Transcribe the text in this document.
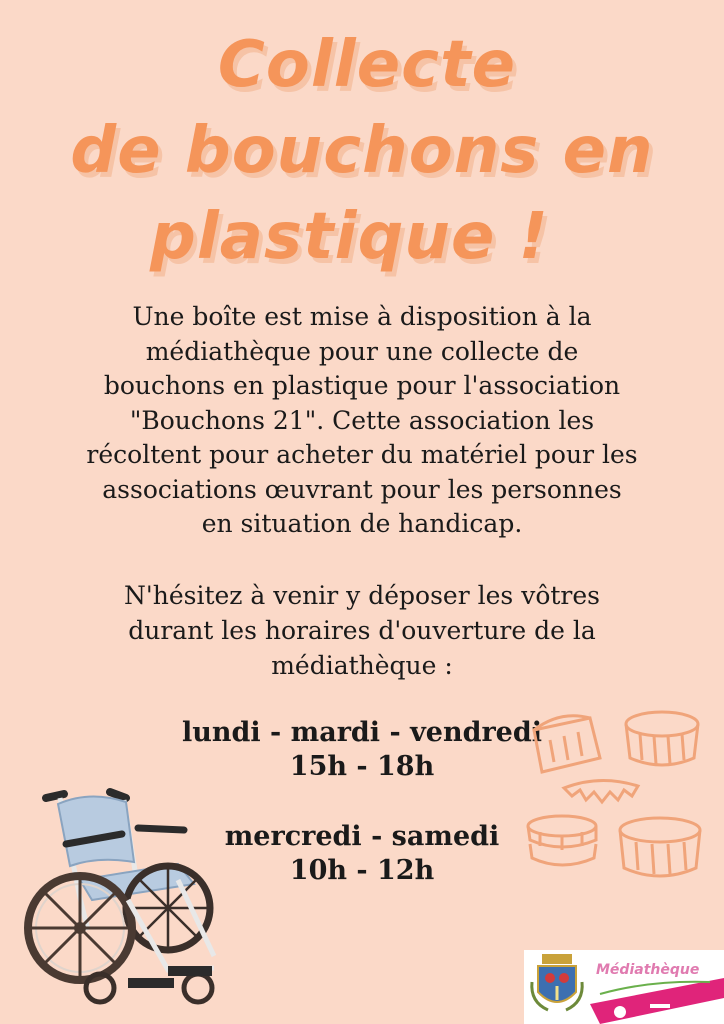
Collecte
de bouchons en
plastique !

Une boîte est mise à disposition à la

médiathèque pour une collecte de

bouchons en plastique pour l'association

"Bouchons 21". Cette association les

récoltent pour acheter du matériel pour les

associations œuvrant pour les personnes

en situation de handicap.

N'hésitez à venir y déposer les vôtres
durant les horaires d'ouverture de la
médiathèque :
lundi - mardi - vendredi
15h - 18h
mercredi - samedi
10h - 12h
Médiathèque
